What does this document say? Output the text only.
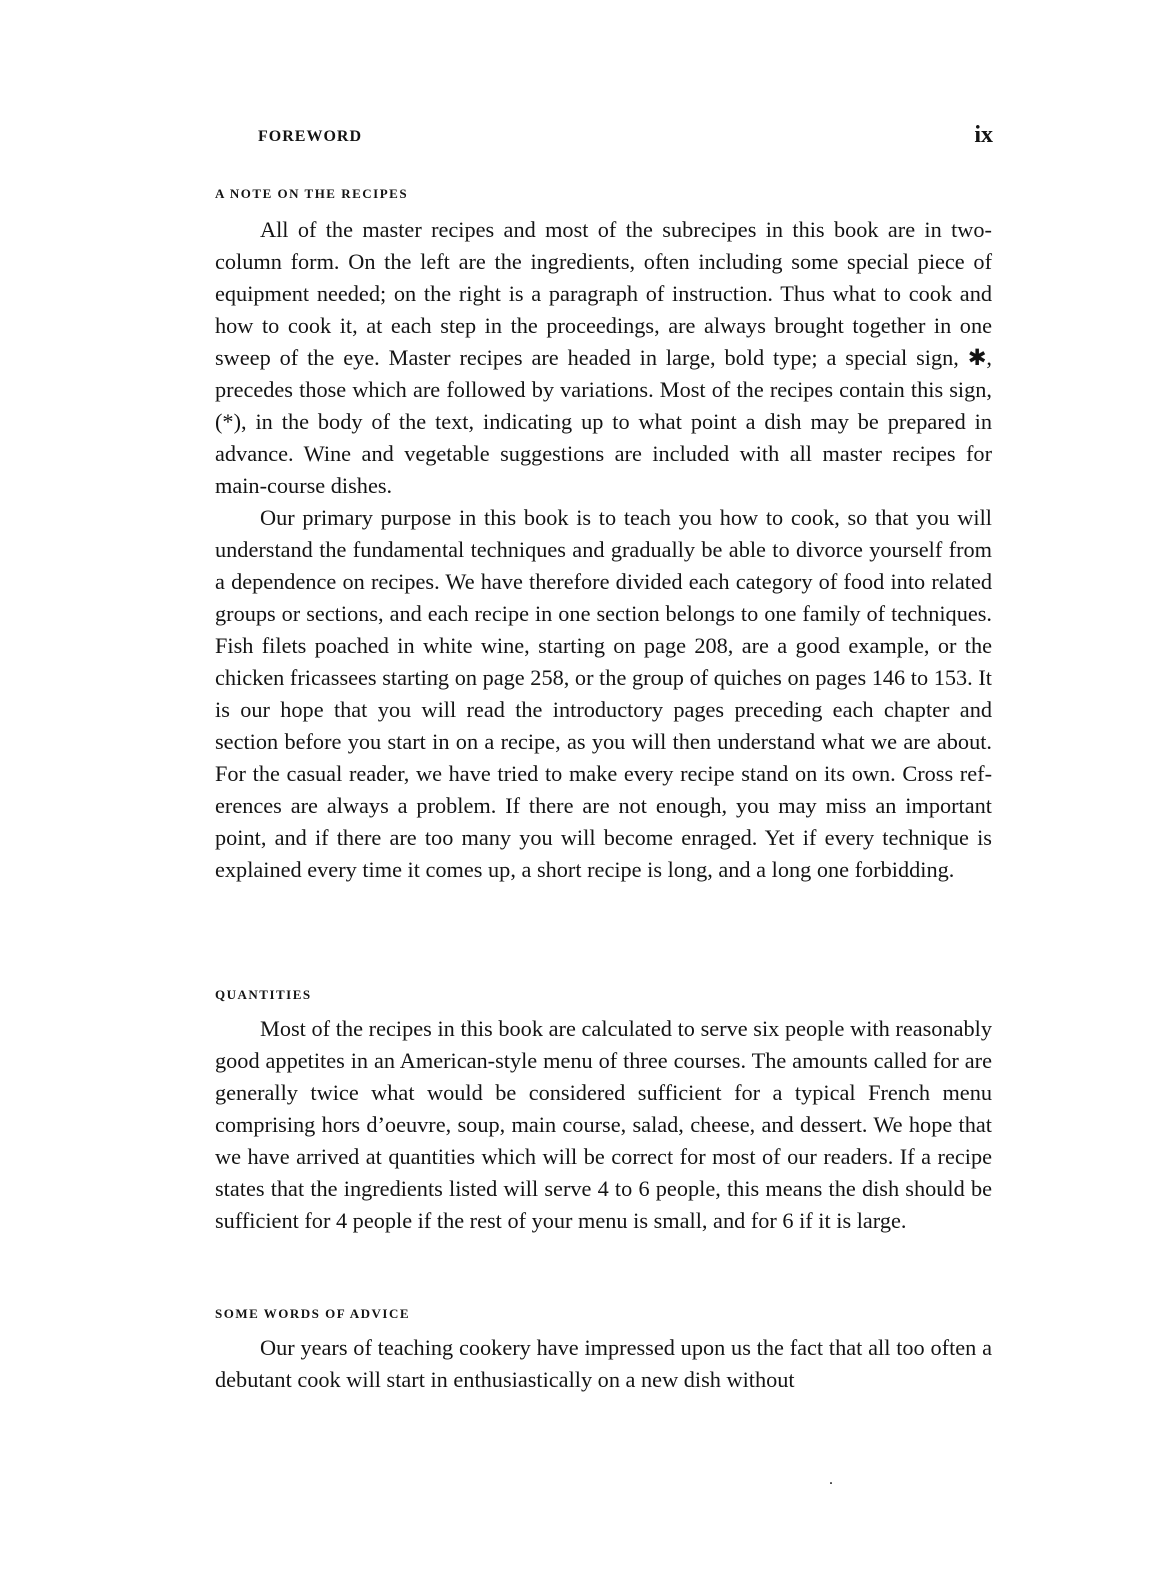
FOREWORD	ix
A NOTE ON THE RECIPES

All of the master recipes and most of the subrecipes in this book are in two-column form. On the left are the ingredients, often including some special piece of equipment needed; on the right is a paragraph of instruction. Thus what to cook and how to cook it, at each step in the proceedings, are always brought together in one sweep of the eye. Master recipes are headed in large, bold type; a special sign, ✱, precedes those which are followed by variations. Most of the recipes contain this sign, (*), in the body of the text, indicating up to what point a dish may be prepared in advance. Wine and vegetable suggestions are included with all master recipes for main-course dishes.

Our primary purpose in this book is to teach you how to cook, so that you will understand the fundamental techniques and gradually be able to divorce yourself from a dependence on recipes. We have therefore divided each category of food into related groups or sections, and each recipe in one section belongs to one family of techniques. Fish filets poached in white wine, starting on page 208, are a good example, or the chicken fricassees starting on page 258, or the group of quiches on pages 146 to 153. It is our hope that you will read the introductory pages preceding each chapter and section before you start in on a recipe, as you will then understand what we are about. For the casual reader, we have tried to make every recipe stand on its own. Cross references are always a problem. If there are not enough, you may miss an important point, and if there are too many you will become enraged. Yet if every technique is explained every time it comes up, a short recipe is long, and a long one forbidding.

QUANTITIES

Most of the recipes in this book are calculated to serve six people with reasonably good appetites in an American-style menu of three courses. The amounts called for are generally twice what would be considered sufficient for a typical French menu comprising hors d’oeuvre, soup, main course, salad, cheese, and dessert. We hope that we have arrived at quantities which will be correct for most of our readers. If a recipe states that the ingredients listed will serve 4 to 6 people, this means the dish should be sufficient for 4 people if the rest of your menu is small, and for 6 if it is large.

SOME WORDS OF ADVICE

Our years of teaching cookery have impressed upon us the fact that all too often a debutant cook will start in enthusiastically on a new dish without

.
